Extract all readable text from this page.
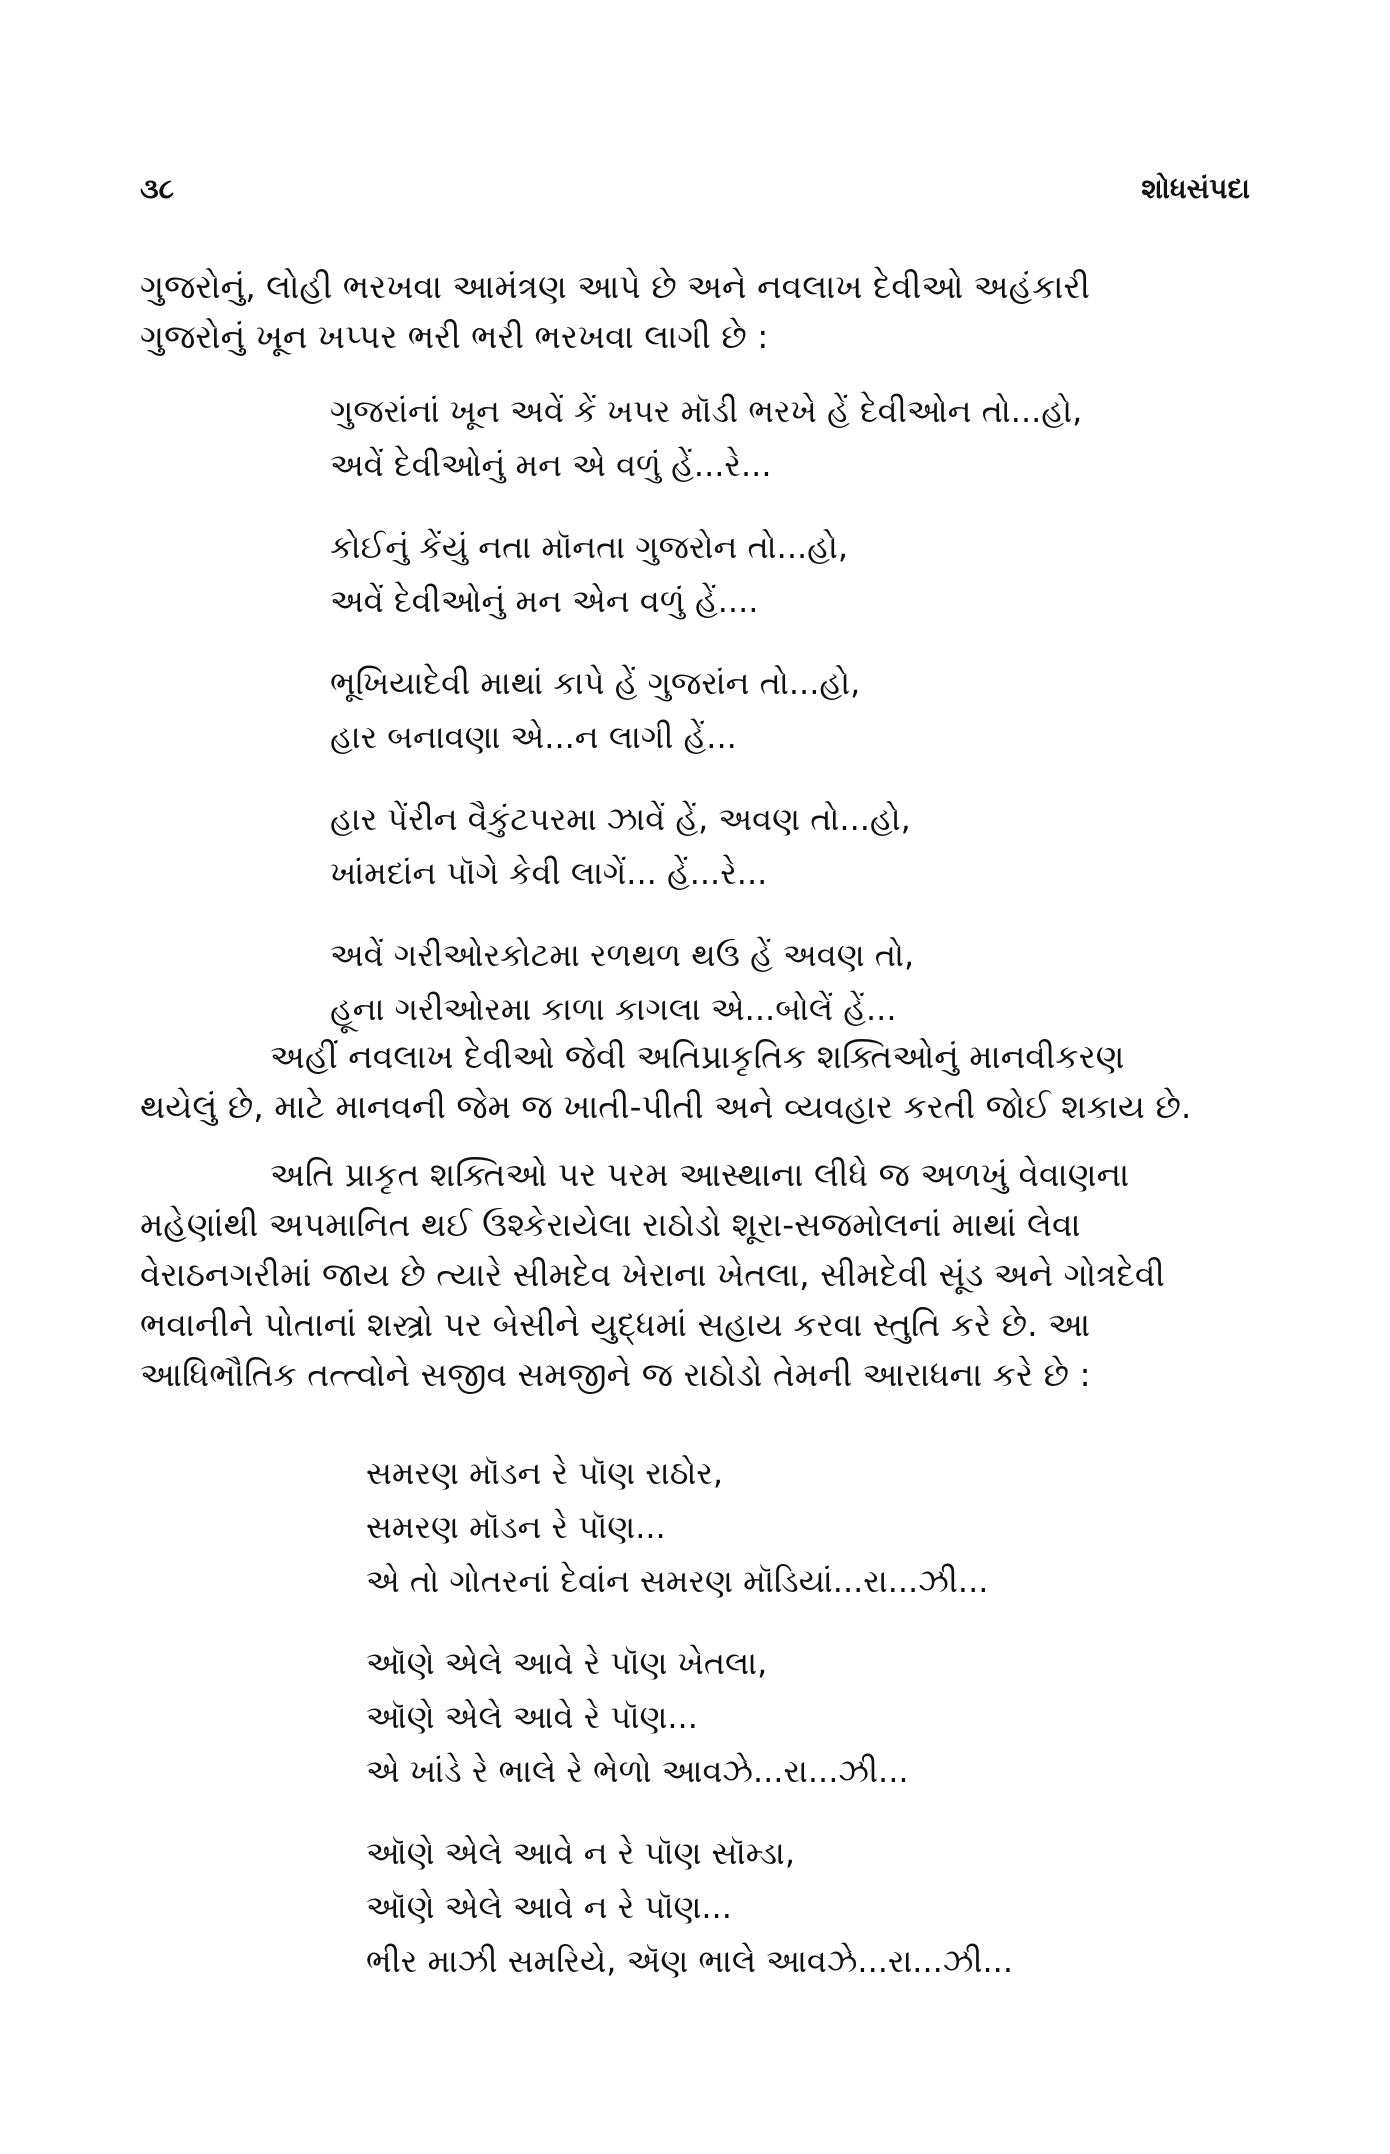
૩૮	શોધસંપદા

ગુજરોનું, લોહી ભરખવા આમંત્રણ આપે છે અને નવલાખ દેવીઓ અહંકારી
ગુજરોનું ખૂન ખપ્પર ભરી ભરી ભરખવા લાગી છે :

ગુજરાંનાં ખૂન અવેં કેં ખપર મૉડી ભરખે હેં દેવીઓન તો...હો,
અવેં દેવીઓનું મન એ વળું હેં...રે...
કોઈનું કેંયું નતા મૉનતા ગુજરોન તો...હો,
અવેં દેવીઓનું મન એન વળું હેં....
ભૂખિયાદેવી માથાં કાપે હેં ગુજરાંન તો...હો,
હાર બનાવણા એ...ન લાગી હેં...
હાર પેંરીન વૈકુંટપરમા ઝાવેં હેં, અવણ તો...હો,
ખાંમદાંન પૉગે કેવી લાગેં... હેં...રે...
અવેં ગરીઓરકોટમા રળથળ થઉ હેં અવણ તો,
હૂના ગરીઓરમા કાળા કાગલા એ...બોલેં હેં...

અહીં નવલાખ દેવીઓ જેવી અતિપ્રાકૃતિક શક્તિઓનું માનવીકરણ
થયેલું છે, માટે માનવની જેમ જ ખાતી-પીતી અને વ્યવહાર કરતી જોઈ શકાય છે.

અતિ પ્રાકૃત શક્તિઓ પર પરમ આસ્થાના લીધે જ અળખું વેવાણના
મહેણાંથી અપમાનિત થઈ ઉશ્કેરાયેલા રાઠોડો શૂરા-સજમોલનાં માથાં લેવા
વેરાઠનગરીમાં જાય છે ત્યારે સીમદેવ ખેરાના ખેતલા, સીમદેવી સૂંડ અને ગોત્રદેવી
ભવાનીને પોતાનાં શસ્ત્રો પર બેસીને યુદ્ધમાં સહાય કરવા સ્તુતિ કરે છે. આ
આધિભૌતિક તત્ત્વોને સજીવ સમજીને જ રાઠોડો તેમની આરાધના કરે છે :

સમરણ મૉડન રે પૉણ રાઠોર,
સમરણ મૉડન રે પૉણ...
એ તો ગોતરનાં દેવાંન સમરણ મૉડિયાં...રા...ઝી...
ઑણે એલે આવે રે પૉણ ખેતલા,
ઑણે એલે આવે રે પૉણ...
એ ખાંડે રે ભાલે રે ભેળો આવઝે...રા...ઝી...
ઑણે એલે આવે ન રે પૉણ સૉમ્ડા,
ઑણે એલે આવે ન રે પૉણ...
ભીર માઝી સમરિયે, ઍણ ભાલે આવઝે...રા...ઝી...
